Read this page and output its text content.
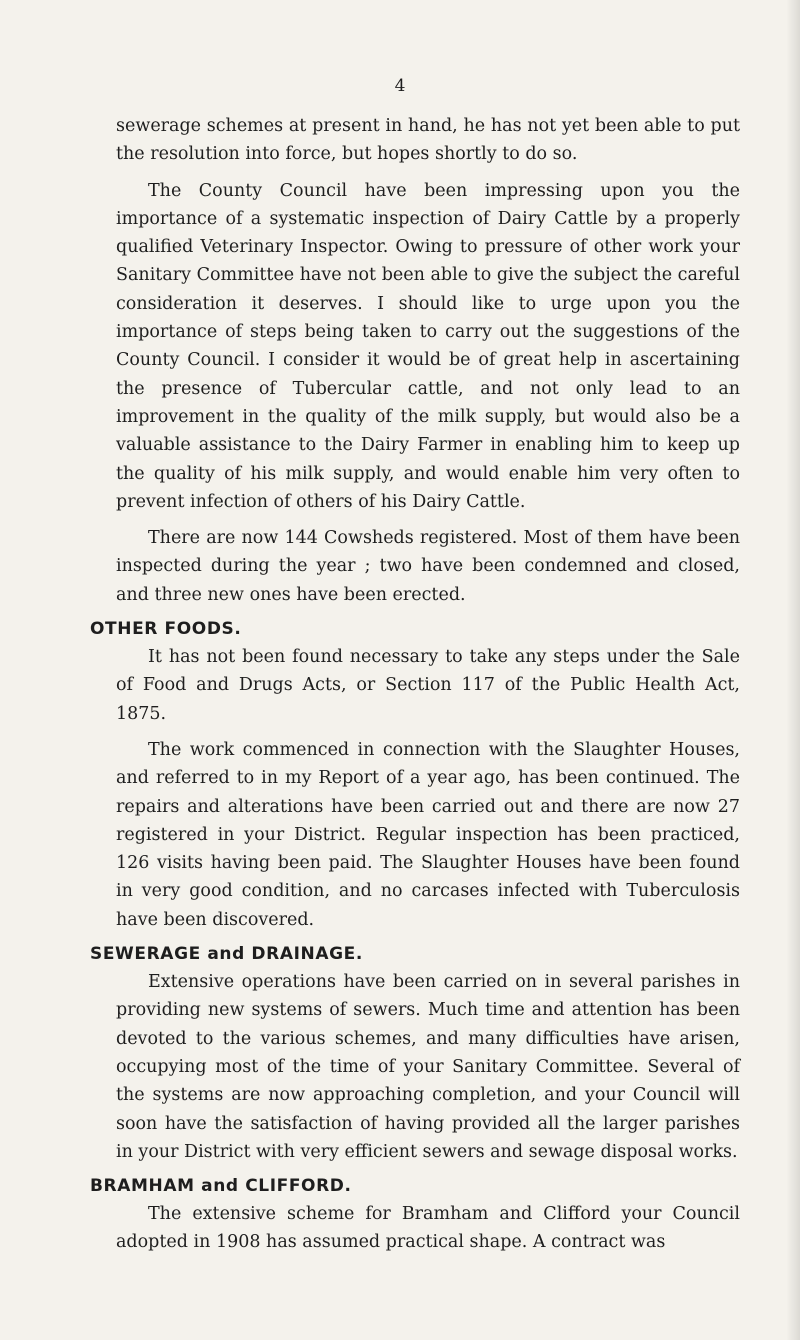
4

sewerage schemes at present in hand, he has not yet been able to put the resolution into force, but hopes shortly to do so.

The County Council have been impressing upon you the importance of a systematic inspection of Dairy Cattle by a properly qualified Veterinary Inspector. Owing to pressure of other work your Sanitary Committee have not been able to give the subject the careful consideration it deserves. I should like to urge upon you the importance of steps being taken to carry out the suggestions of the County Council. I consider it would be of great help in ascertaining the presence of Tubercular cattle, and not only lead to an improvement in the quality of the milk supply, but would also be a valuable assistance to the Dairy Farmer in enabling him to keep up the quality of his milk supply, and would enable him very often to prevent infection of others of his Dairy Cattle.

There are now 144 Cowsheds registered. Most of them have been inspected during the year ; two have been condemned and closed, and three new ones have been erected.

OTHER FOODS.

It has not been found necessary to take any steps under the Sale of Food and Drugs Acts, or Section 117 of the Public Health Act, 1875.

The work commenced in connection with the Slaughter Houses, and referred to in my Report of a year ago, has been continued. The repairs and alterations have been carried out and there are now 27 registered in your District. Regular inspection has been practiced, 126 visits having been paid. The Slaughter Houses have been found in very good condition, and no carcases infected with Tuberculosis have been discovered.

SEWERAGE and DRAINAGE.

Extensive operations have been carried on in several parishes in providing new systems of sewers. Much time and attention has been devoted to the various schemes, and many difficulties have arisen, occupying most of the time of your Sanitary Committee. Several of the systems are now approaching completion, and your Council will soon have the satisfaction of having provided all the larger parishes in your District with very efficient sewers and sewage disposal works.

BRAMHAM and CLIFFORD.

The extensive scheme for Bramham and Clifford your Council adopted in 1908 has assumed practical shape. A contract was
